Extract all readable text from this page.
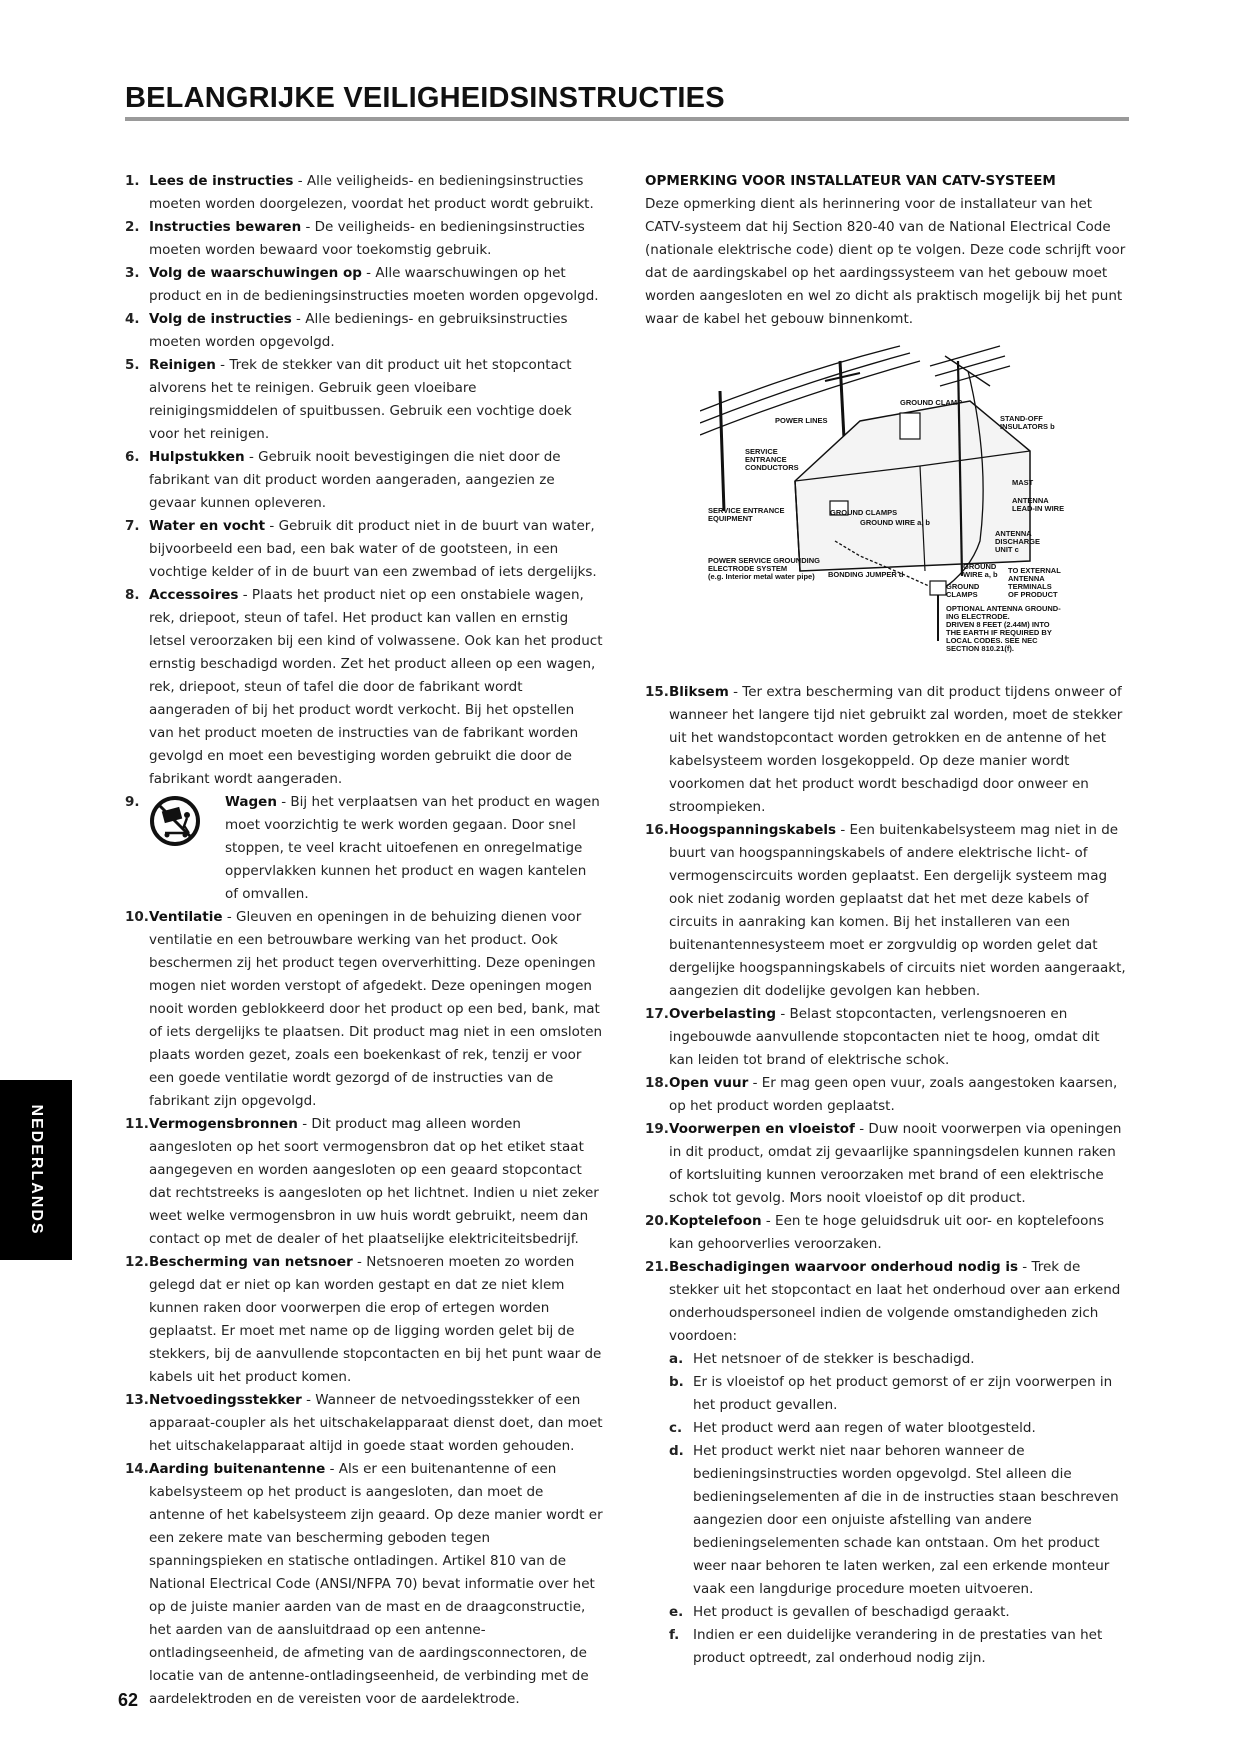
BELANGRIJKE VEILIGHEIDSINSTRUCTIES
1. Lees de instructies - Alle veiligheids- en bedieningsinstructies moeten worden doorgelezen, voordat het product wordt gebruikt.
2. Instructies bewaren - De veiligheids- en bedieningsinstructies moeten worden bewaard voor toekomstig gebruik.
3. Volg de waarschuwingen op - Alle waarschuwingen op het product en in de bedieningsinstructies moeten worden opgevolgd.
4. Volg de instructies - Alle bedienings- en gebruiksinstructies moeten worden opgevolgd.
5. Reinigen - Trek de stekker van dit product uit het stopcontact alvorens het te reinigen. Gebruik geen vloeibare reinigingsmiddelen of spuitbussen. Gebruik een vochtige doek voor het reinigen.
6. Hulpstukken - Gebruik nooit bevestigingen die niet door de fabrikant van dit product worden aangeraden, aangezien ze gevaar kunnen opleveren.
7. Water en vocht - Gebruik dit product niet in de buurt van water, bijvoorbeeld een bad, een bak water of de gootsteen, in een vochtige kelder of in de buurt van een zwembad of iets dergelijks.
8. Accessoires - Plaats het product niet op een onstabiele wagen, rek, driepoot, steun of tafel. Het product kan vallen en ernstig letsel veroorzaken bij een kind of volwassene. Ook kan het product ernstig beschadigd worden. Zet het product alleen op een wagen, rek, driepoot, steun of tafel die door de fabrikant wordt aangeraden of bij het product wordt verkocht. Bij het opstellen van het product moeten de instructies van de fabrikant worden gevolgd en moet een bevestiging worden gebruikt die door de fabrikant wordt aangeraden.
9.	Wagen - Bij het verplaatsen van het product en wagen moet voorzichtig te werk worden gegaan. Door snel stoppen, te veel kracht uitoefenen en onregelmatige oppervlakken kunnen het product en wagen kantelen of omvallen.
10. Ventilatie - Gleuven en openingen in de behuizing dienen voor ventilatie en een betrouwbare werking van het product. Ook beschermen zij het product tegen oververhitting. Deze openingen mogen niet worden verstopt of afgedekt. Deze openingen mogen nooit worden geblokkeerd door het product op een bed, bank, mat of iets dergelijks te plaatsen. Dit product mag niet in een omsloten plaats worden gezet, zoals een boekenkast of rek, tenzij er voor een goede ventilatie wordt gezorgd of de instructies van de fabrikant zijn opgevolgd.
11. Vermogensbronnen - Dit product mag alleen worden aangesloten op het soort vermogensbron dat op het etiket staat aangegeven en worden aangesloten op een geaard stopcontact dat rechtstreeks is aangesloten op het lichtnet. Indien u niet zeker weet welke vermogensbron in uw huis wordt gebruikt, neem dan contact op met de dealer of het plaatselijke elektriciteitsbedrijf.
12. Bescherming van netsnoer - Netsnoeren moeten zo worden gelegd dat er niet op kan worden gestapt en dat ze niet klem kunnen raken door voorwerpen die erop of ertegen worden geplaatst. Er moet met name op de ligging worden gelet bij de stekkers, bij de aanvullende stopcontacten en bij het punt waar de kabels uit het product komen.
13. Netvoedingsstekker - Wanneer de netvoedingsstekker of een apparaat-coupler als het uitschakelapparaat dienst doet, dan moet het uitschakelapparaat altijd in goede staat worden gehouden.
14. Aarding buitenantenne - Als er een buitenantenne of een kabelsysteem op het product is aangesloten, dan moet de antenne of het kabelsysteem zijn geaard. Op deze manier wordt er een zekere mate van bescherming geboden tegen spanningspieken en statische ontladingen. Artikel 810 van de National Electrical Code (ANSI/NFPA 70) bevat informatie over het op de juiste manier aarden van de mast en de draagconstructie, het aarden van de aansluitdraad op een antenne-ontladingseenheid, de afmeting van de aardingsconnectoren, de locatie van de antenne-ontladingseenheid, de verbinding met de aardelektroden en de vereisten voor de aardelektrode.
OPMERKING VOOR INSTALLATEUR VAN CATV-SYSTEEM
Deze opmerking dient als herinnering voor de installateur van het CATV-systeem dat hij Section 820-40 van de National Electrical Code (nationale elektrische code) dient op te volgen. Deze code schrijft voor dat de aardingskabel op het aardingssysteem van het gebouw moet worden aangesloten en wel zo dicht als praktisch mogelijk bij het punt waar de kabel het gebouw binnenkomt.
GROUND CLAMP
POWER LINES	STAND-OFF
INSULATORS b
SERVICE
ENTRANCE
CONDUCTORS
MAST
ANTENNA
LEAD-IN WIRE
SERVICE ENTRANCE
EQUIPMENT
GROUND CLAMPS
GROUND WIRE a, b
ANTENNA
DISCHARGE
UNIT c
POWER SERVICE GROUNDING
ELECTRODE SYSTEM
(e.g. Interior metal water pipe) BONDING JUMPER d
GROUND
WIRE a, b
GROUND
CLAMPS
TO EXTERNAL
ANTENNA
TERMINALS
OF PRODUCT
OPTIONAL ANTENNA GROUND-
ING ELECTRODE.
DRIVEN 8 FEET (2.44M) INTO
THE EARTH IF REQUIRED BY
LOCAL CODES. SEE NEC
SECTION 810.21(f).
15. Bliksem - Ter extra bescherming van dit product tijdens onweer of wanneer het langere tijd niet gebruikt zal worden, moet de stekker uit het wandstopcontact worden getrokken en de antenne of het kabelsysteem worden losgekoppeld. Op deze manier wordt voorkomen dat het product wordt beschadigd door onweer en stroompieken.
16. Hoogspanningskabels - Een buitenkabelsysteem mag niet in de buurt van hoogspanningskabels of andere elektrische licht- of vermogenscircuits worden geplaatst. Een dergelijk systeem mag ook niet zodanig worden geplaatst dat het met deze kabels of circuits in aanraking kan komen. Bij het installeren van een buitenantennesysteem moet er zorgvuldig op worden gelet dat dergelijke hoogspanningskabels of circuits niet worden aangeraakt, aangezien dit dodelijke gevolgen kan hebben.
17. Overbelasting - Belast stopcontacten, verlengsnoeren en ingebouwde aanvullende stopcontacten niet te hoog, omdat dit kan leiden tot brand of elektrische schok.
18. Open vuur - Er mag geen open vuur, zoals aangestoken kaarsen, op het product worden geplaatst.
19. Voorwerpen en vloeistof - Duw nooit voorwerpen via openingen in dit product, omdat zij gevaarlijke spanningsdelen kunnen raken of kortsluiting kunnen veroorzaken met brand of een elektrische schok tot gevolg. Mors nooit vloeistof op dit product.
20. Koptelefoon - Een te hoge geluidsdruk uit oor- en koptelefoons kan gehoorverlies veroorzaken.
21. Beschadigingen waarvoor onderhoud nodig is - Trek de stekker uit het stopcontact en laat het onderhoud over aan erkend onderhoudspersoneel indien de volgende omstandigheden zich voordoen:
a. Het netsnoer of de stekker is beschadigd.
b. Er is vloeistof op het product gemorst of er zijn voorwerpen in het product gevallen.
c. Het product werd aan regen of water blootgesteld.
d. Het product werkt niet naar behoren wanneer de bedieningsinstructies worden opgevolgd. Stel alleen die bedieningselementen af die in de instructies staan beschreven aangezien door een onjuiste afstelling van andere bedieningselementen schade kan ontstaan. Om het product weer naar behoren te laten werken, zal een erkende monteur vaak een langdurige procedure moeten uitvoeren.
e. Het product is gevallen of beschadigd geraakt.
f.	Indien er een duidelijke verandering in de prestaties van het product optreedt, zal onderhoud nodig zijn.
NEDERLANDS
62
